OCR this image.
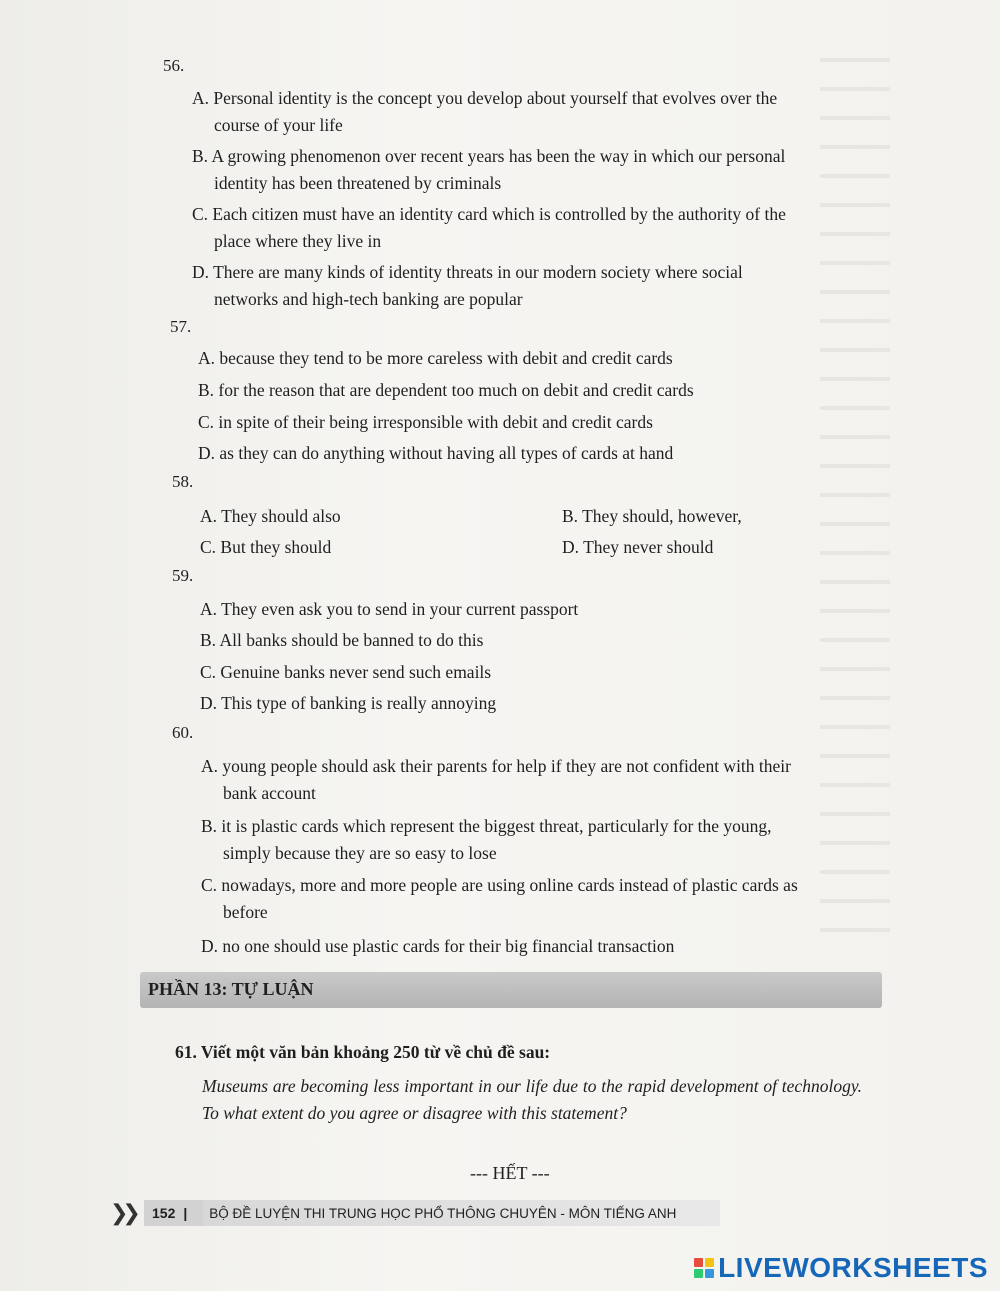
56.
A. Personal identity is the concept you develop about yourself that evolves over the
course of your life
B. A growing phenomenon over recent years has been the way in which our personal
identity has been threatened by criminals
C. Each citizen must have an identity card which is controlled by the authority of the
place where they live in
D. There are many kinds of identity threats in our modern society where social
networks and high-tech banking are popular
57.
A. because they tend to be more careless with debit and credit cards
B. for the reason that are dependent too much on debit and credit cards
C. in spite of their being irresponsible with debit and credit cards
D. as they can do anything without having all types of cards at hand
58.
A. They should also	B. They should, however,
C. But they should	D. They never should
59.
A. They even ask you to send in your current passport
B. All banks should be banned to do this
C. Genuine banks never send such emails
D. This type of banking is really annoying
60.
A. young people should ask their parents for help if they are not confident with their
bank account
B. it is plastic cards which represent the biggest threat, particularly for the young,
simply because they are so easy to lose
C. nowadays, more and more people are using online cards instead of plastic cards as
before
D. no one should use plastic cards for their big financial transaction
PHẦN 13: TỰ LUẬN
61. Viết một văn bản khoảng 250 từ về chủ đề sau:
Museums are becoming less important in our life due to the rapid development of technology. To what extent do you agree or disagree with this statement?
--- HẾT ---
❯❯	152 |	BỘ ĐỀ LUYỆN THI TRUNG HỌC PHỔ THÔNG CHUYÊN - MÔN TIẾNG ANH
LIVEWORKSHEETS
